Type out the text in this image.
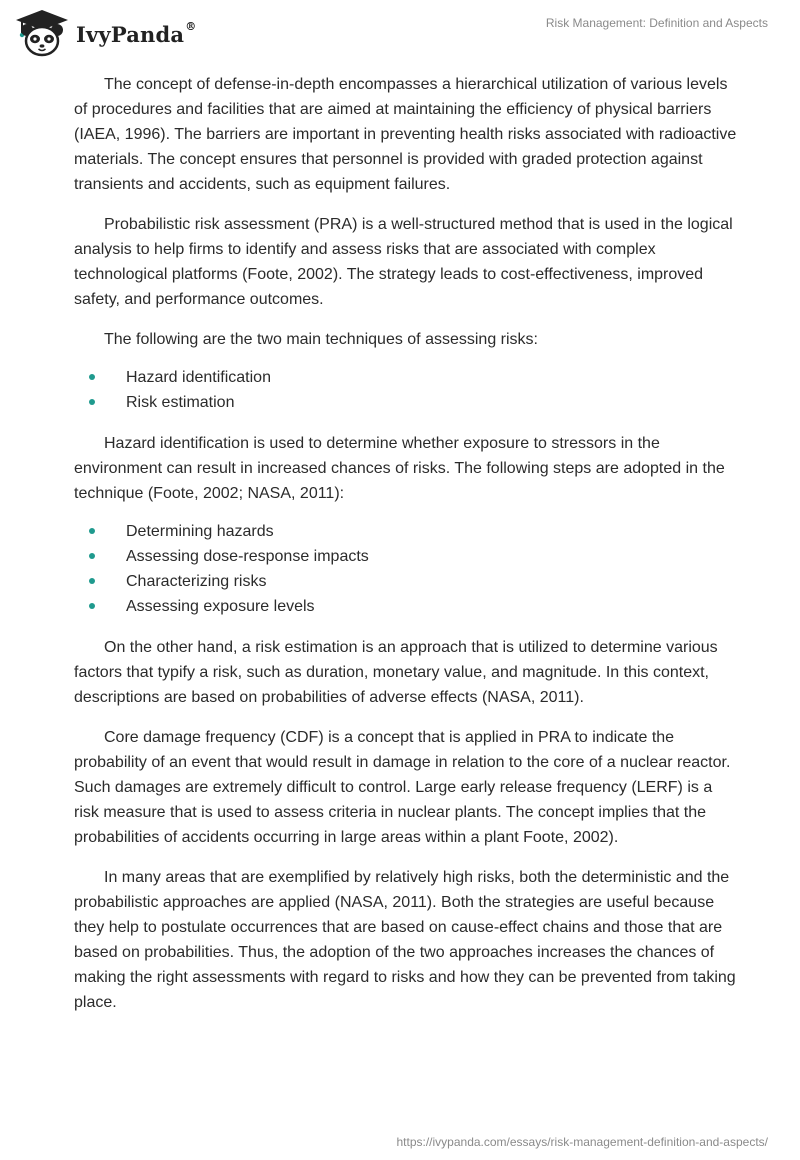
IvyPanda®	Risk Management: Definition and Aspects

The concept of defense-in-depth encompasses a hierarchical utilization of various levels of procedures and facilities that are aimed at maintaining the efficiency of physical barriers (IAEA, 1996). The barriers are important in preventing health risks associated with radioactive materials. The concept ensures that personnel is provided with graded protection against transients and accidents, such as equipment failures.

Probabilistic risk assessment (PRA) is a well-structured method that is used in the logical analysis to help firms to identify and assess risks that are associated with complex technological platforms (Foote, 2002). The strategy leads to cost-effectiveness, improved safety, and performance outcomes.

The following are the two main techniques of assessing risks:

Hazard identification
Risk estimation

Hazard identification is used to determine whether exposure to stressors in the environment can result in increased chances of risks. The following steps are adopted in the technique (Foote, 2002; NASA, 2011):

Determining hazards
Assessing dose-response impacts
Characterizing risks
Assessing exposure levels

On the other hand, a risk estimation is an approach that is utilized to determine various factors that typify a risk, such as duration, monetary value, and magnitude. In this context, descriptions are based on probabilities of adverse effects (NASA, 2011).

Core damage frequency (CDF) is a concept that is applied in PRA to indicate the probability of an event that would result in damage in relation to the core of a nuclear reactor. Such damages are extremely difficult to control. Large early release frequency (LERF) is a risk measure that is used to assess criteria in nuclear plants. The concept implies that the probabilities of accidents occurring in large areas within a plant Foote, 2002).

In many areas that are exemplified by relatively high risks, both the deterministic and the probabilistic approaches are applied (NASA, 2011). Both the strategies are useful because they help to postulate occurrences that are based on cause-effect chains and those that are based on probabilities. Thus, the adoption of the two approaches increases the chances of making the right assessments with regard to risks and how they can be prevented from taking place.

https://ivypanda.com/essays/risk-management-definition-and-aspects/
